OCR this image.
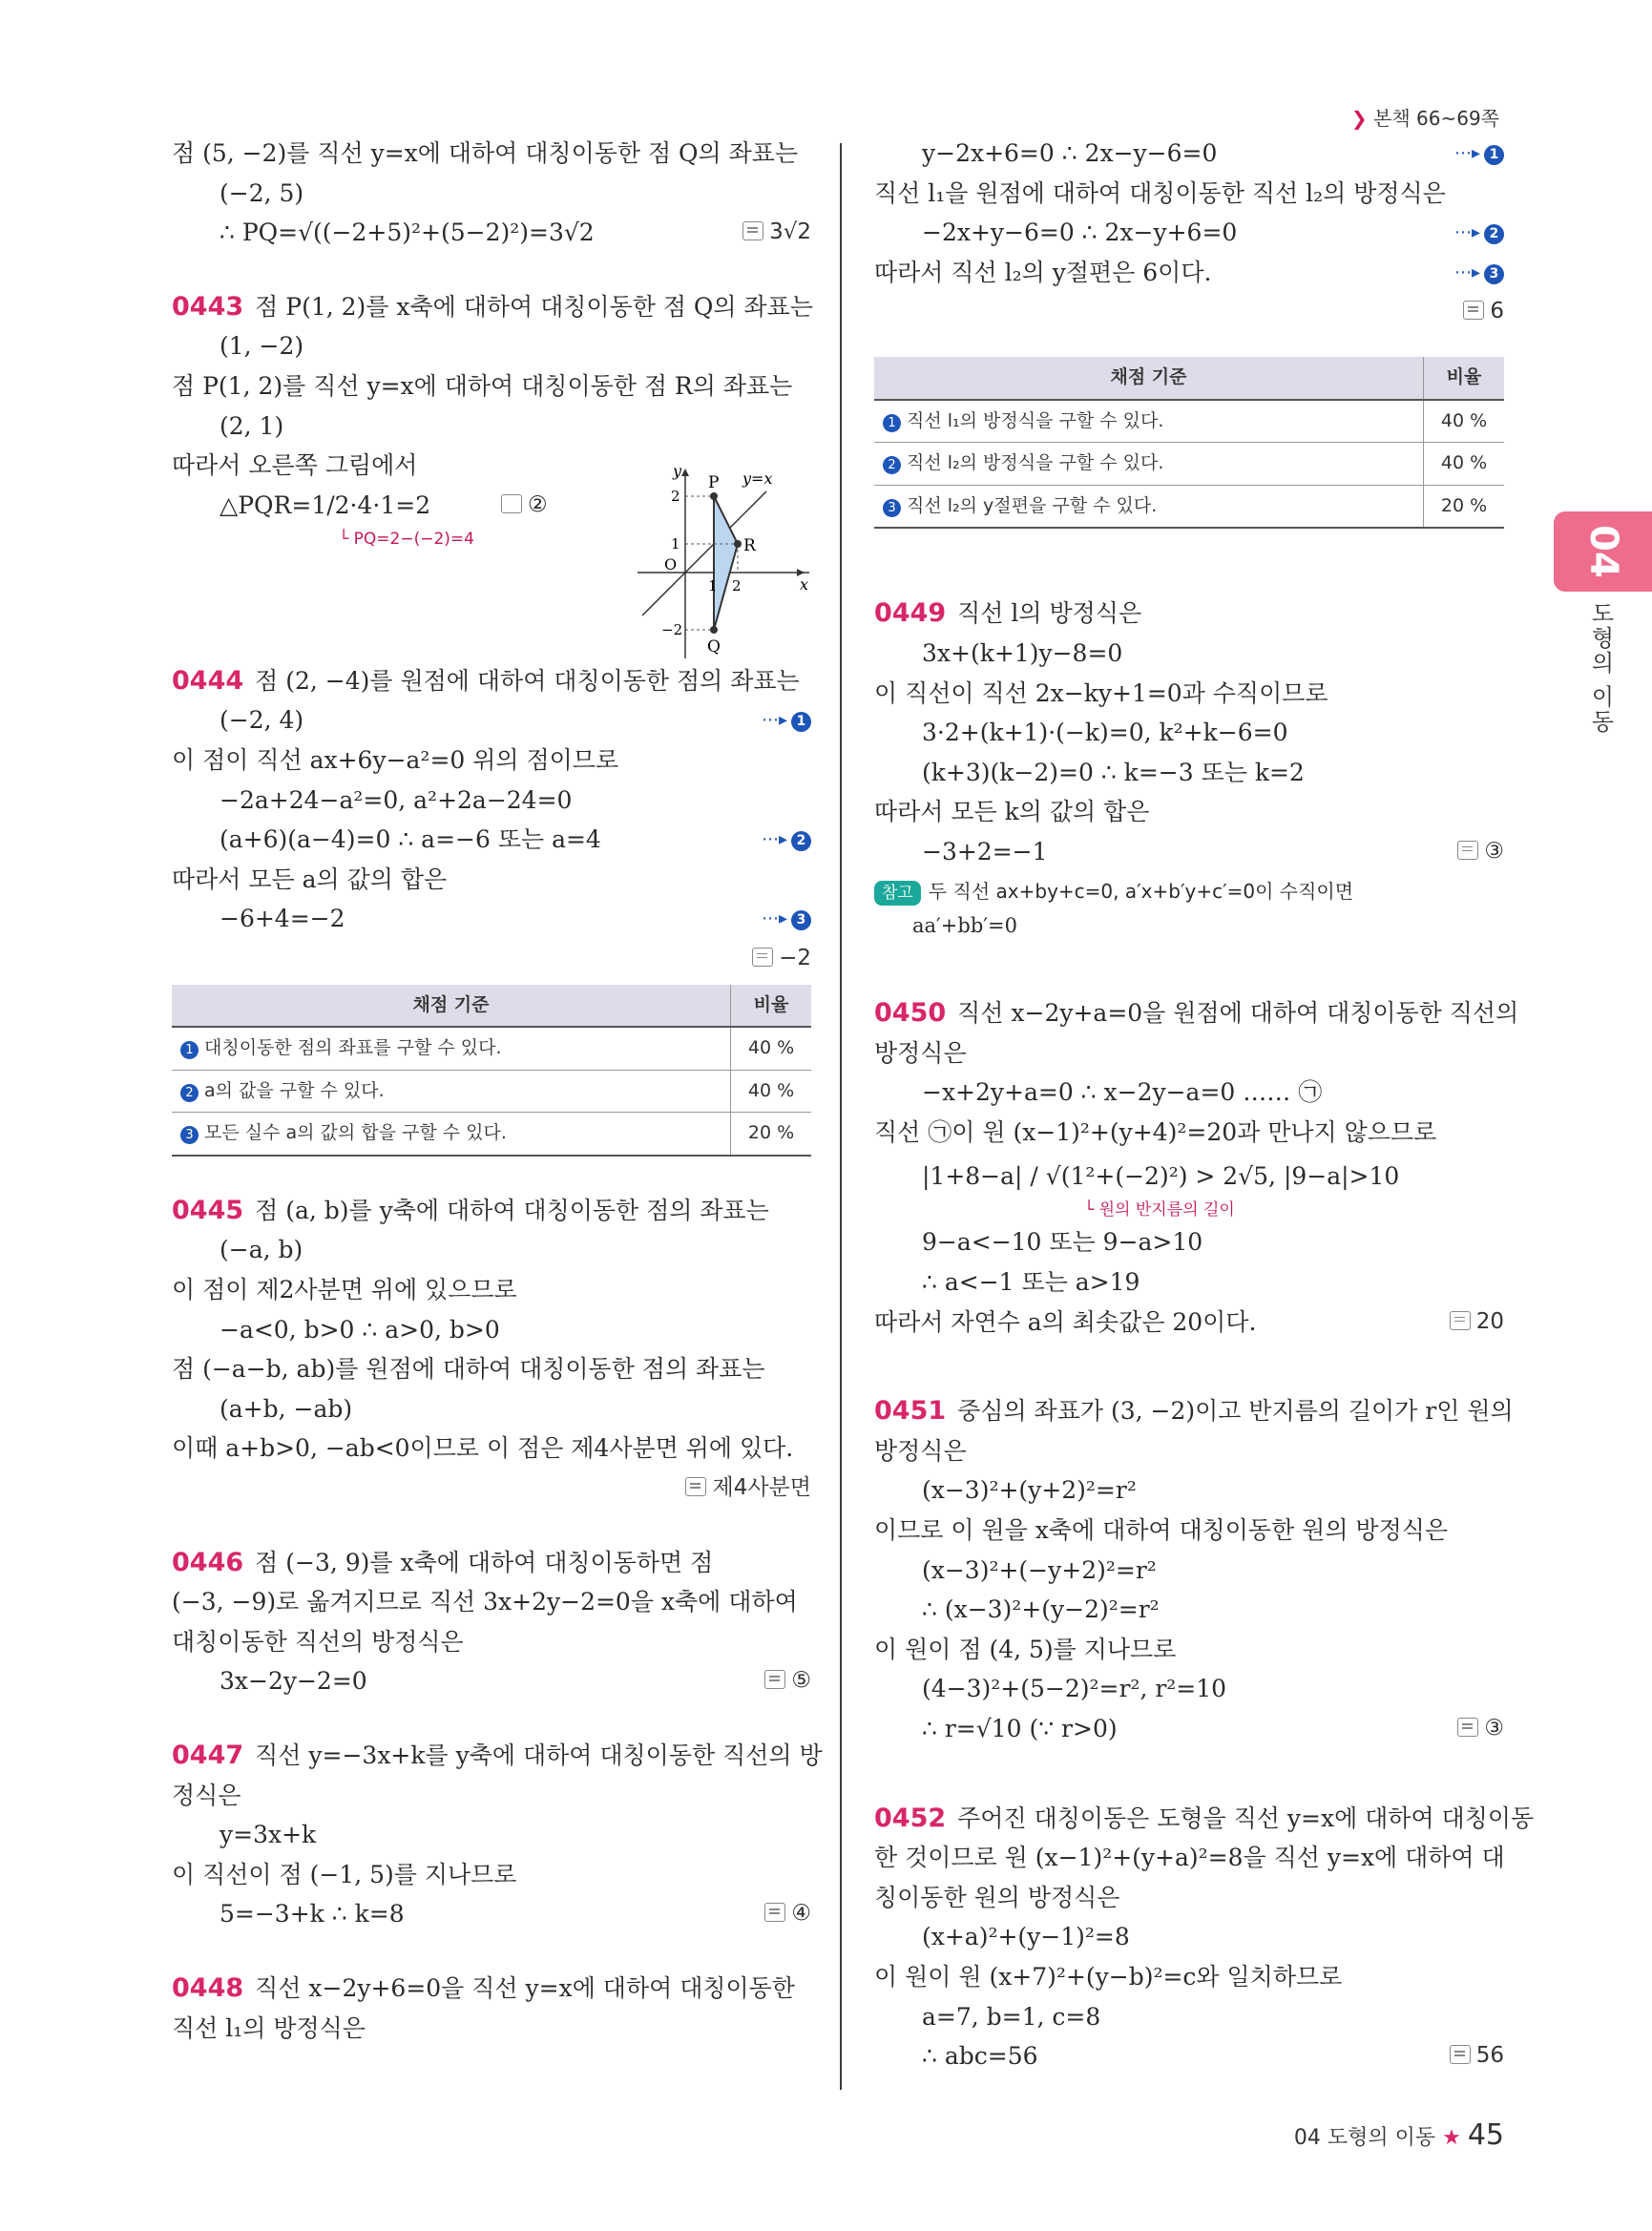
❯ 본책 66~69쪽
점 (5, −2)를 직선 y=x에 대하여 대칭이동한 점 Q의 좌표는
(−2, 5)
∴ PQ=√((−2+5)²+(5−2)²)=3√2	3√2
0443 점 P(1, 2)를 x축에 대하여 대칭이동한 점 Q의 좌표는
(1, −2)
점 P(1, 2)를 직선 y=x에 대하여 대칭이동한 점 R의 좌표는
(2, 1)
따라서 오른쪽 그림에서
△PQR=1/2·4·1=2	②
└ PQ=2−(−2)=4
y
x
y=x
P
R
Q
O
2
1
−2
1 2
0444 점 (2, −4)를 원점에 대하여 대칭이동한 점의 좌표는
(−2, 4)	⋯▸ 1
이 점이 직선 ax+6y−a²=0 위의 점이므로
−2a+24−a²=0, a²+2a−24=0
(a+6)(a−4)=0 ∴ a=−6 또는 a=4	⋯▸ 2
따라서 모든 a의 값의 합은
−6+4=−2	⋯▸ 3
−2
채점 기준	비율
1 대칭이동한 점의 좌표를 구할 수 있다.	40 %
2 a의 값을 구할 수 있다.	40 %
3 모든 실수 a의 값의 합을 구할 수 있다.	20 %
0445 점 (a, b)를 y축에 대하여 대칭이동한 점의 좌표는
(−a, b)
이 점이 제2사분면 위에 있으므로
−a<0, b>0 ∴ a>0, b>0
점 (−a−b, ab)를 원점에 대하여 대칭이동한 점의 좌표는
(a+b, −ab)
이때 a+b>0, −ab<0이므로 이 점은 제4사분면 위에 있다.
제4사분면
0446 점 (−3, 9)를 x축에 대하여 대칭이동하면 점
(−3, −9)로 옮겨지므로 직선 3x+2y−2=0을 x축에 대하여
대칭이동한 직선의 방정식은
3x−2y−2=0	⑤
0447 직선 y=−3x+k를 y축에 대하여 대칭이동한 직선의 방
정식은
y=3x+k
이 직선이 점 (−1, 5)를 지나므로
5=−3+k ∴ k=8	④
0448 직선 x−2y+6=0을 직선 y=x에 대하여 대칭이동한
직선 l₁의 방정식은
y−2x+6=0 ∴ 2x−y−6=0	⋯▸ 1
직선 l₁을 원점에 대하여 대칭이동한 직선 l₂의 방정식은
−2x+y−6=0 ∴ 2x−y+6=0	⋯▸ 2
따라서 직선 l₂의 y절편은 6이다.	⋯▸ 3
6
채점 기준	비율
1 직선 l₁의 방정식을 구할 수 있다.	40 %
2 직선 l₂의 방정식을 구할 수 있다.	40 %
3 직선 l₂의 y절편을 구할 수 있다.	20 %
0449 직선 l의 방정식은
3x+(k+1)y−8=0
이 직선이 직선 2x−ky+1=0과 수직이므로
3·2+(k+1)·(−k)=0, k²+k−6=0
(k+3)(k−2)=0 ∴ k=−3 또는 k=2
따라서 모든 k의 값의 합은
−3+2=−1	③
참고 두 직선 ax+by+c=0, a′x+b′y+c′=0이 수직이면
aa′+bb′=0
0450 직선 x−2y+a=0을 원점에 대하여 대칭이동한 직선의
방정식은
−x+2y+a=0 ∴ x−2y−a=0 …… ㉠
직선 ㉠이 원 (x−1)²+(y+4)²=20과 만나지 않으므로
|1+8−a| / √(1²+(−2)²) > 2√5, |9−a|>10
└ 원의 반지름의 길이
9−a<−10 또는 9−a>10
∴ a<−1 또는 a>19
따라서 자연수 a의 최솟값은 20이다.	20
0451 중심의 좌표가 (3, −2)이고 반지름의 길이가 r인 원의
방정식은
(x−3)²+(y+2)²=r²
이므로 이 원을 x축에 대하여 대칭이동한 원의 방정식은
(x−3)²+(−y+2)²=r²
∴ (x−3)²+(y−2)²=r²
이 원이 점 (4, 5)를 지나므로
(4−3)²+(5−2)²=r², r²=10
∴ r=√10 (∵ r>0)	③
0452 주어진 대칭이동은 도형을 직선 y=x에 대하여 대칭이동
한 것이므로 원 (x−1)²+(y+a)²=8을 직선 y=x에 대하여 대
칭이동한 원의 방정식은
(x+a)²+(y−1)²=8
이 원이 원 (x+7)²+(y−b)²=c와 일치하므로
a=7, b=1, c=8
∴ abc=56	56
04
도형의 이동
04 도형의 이동 ★ 45
